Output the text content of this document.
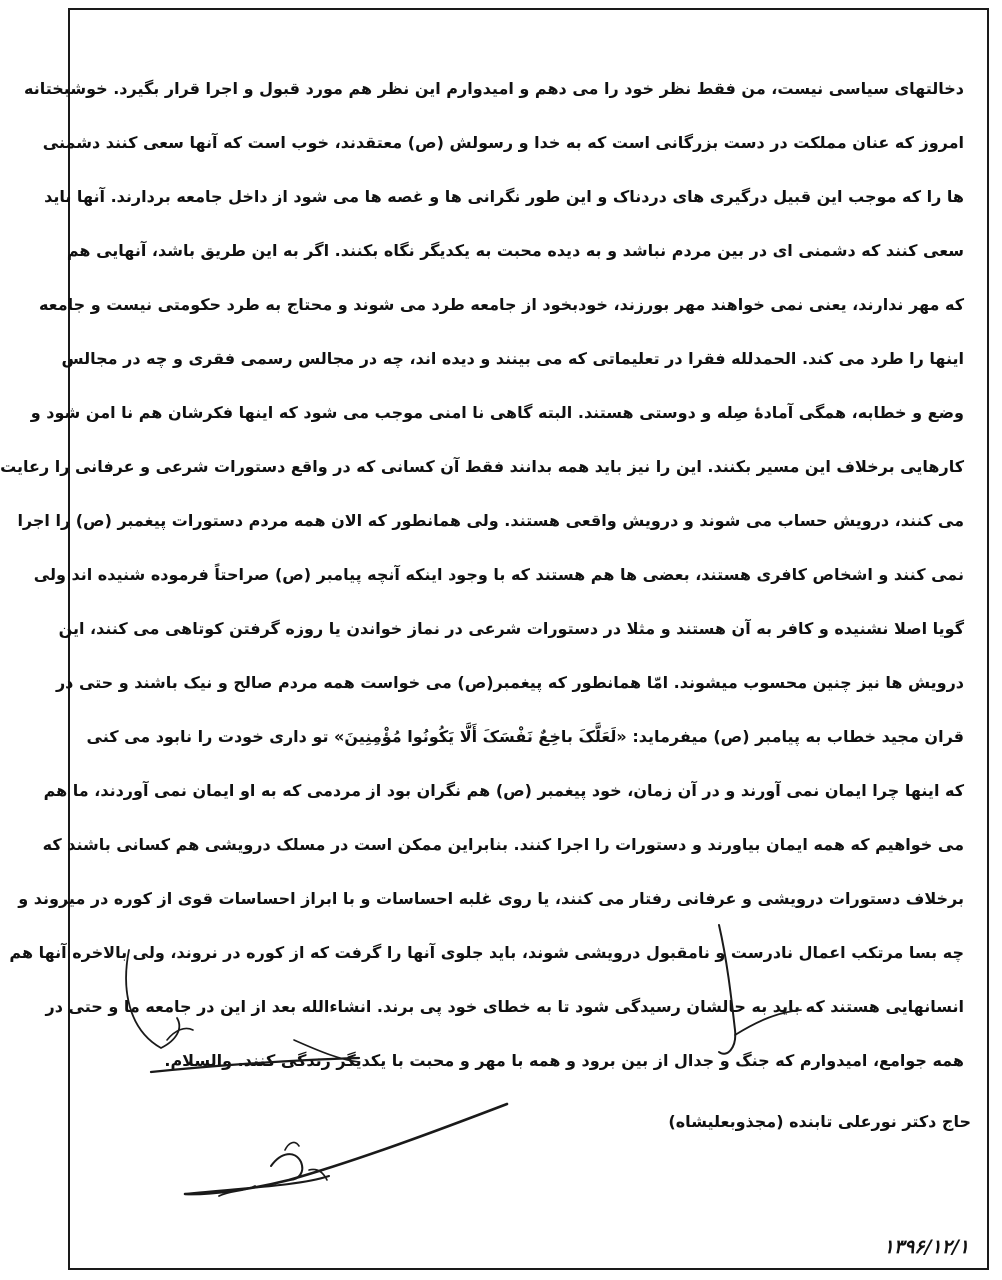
دخالتهای سیاسی نیست، من فقط نظر خود را می دهم و امیدوارم این نظر هم مورد قبول و اجرا قرار بگیرد. خوشبختانه
امروز که عنان مملکت در دست بزرگانی است که به خدا و رسولش (ص) معتقدند، خوب است که آنها سعی کنند دشمنی
ها را که موجب این قبیل درگیری های دردناک و این طور نگرانی ها و غصه ها می شود از داخل جامعه بردارند. آنها باید
سعی کنند که دشمنی ای در بین مردم نباشد و به دیده محبت به یکدیگر نگاه بکنند. اگر به این طریق باشد، آنهایی هم
که مهر ندارند، یعنی نمی خواهند مهر بورزند، خودبخود از جامعه طرد می شوند و محتاج به طرد حکومتی نیست و جامعه
اینها را طرد می کند. الحمدلله فقرا در تعلیماتی که می بینند و دیده اند، چه در مجالس رسمی فقری و چه در مجالس
وضع و خطابه، همگی آمادهٔ صِله و دوستی هستند. البته گاهی نا امنی موجب می شود که اینها فکرشان هم نا امن شود و
کارهایی برخلاف این مسیر بکنند. این را نیز باید همه بدانند فقط آن کسانی که در واقع دستورات شرعی و عرفانی را رعایت
می کنند، درویش حساب می شوند و درویش واقعی هستند. ولی همانطور که الان همه مردم دستورات پیغمبر (ص) را اجرا
نمی کنند و اشخاص کافری هستند، بعضی ها هم هستند که با وجود اینکه آنچه پیامبر (ص) صراحتاً فرموده شنیده اند ولی
گویا اصلا نشنیده و کافر به آن هستند و مثلا در دستورات شرعی در نماز خواندن یا روزه گرفتن کوتاهی می کنند، این
درویش ها نیز چنین محسوب میشوند. امّا همانطور که پیغمبر(ص) می خواست همه مردم صالح و نیک باشند و حتی در
قران مجید خطاب به پیامبر (ص) میفرماید: «لَعَلَّکَ باخِعٌ نَفْسَکَ أَلَّا یَکُونُوا مُؤْمِنِینَ» تو داری خودت را نابود می کنی
که اینها چرا ایمان نمی آورند و در آن زمان، خود پیغمبر (ص) هم نگران بود از مردمی که به او ایمان نمی آوردند، ما هم
می خواهیم که همه ایمان بیاورند و دستورات را اجرا کنند. بنابراین ممکن است در مسلک درویشی هم کسانی باشند که
برخلاف دستورات درویشی و عرفانی رفتار می کنند، یا روی غلبه احساسات و با ابراز احساسات قوی از کوره در میروند و
چه بسا مرتکب اعمال نادرست و نامقبول درویشی شوند، باید جلوی آنها را گرفت که از کوره در نروند، ولی بالاخره آنها هم
انسانهایی هستند که باید به حالشان رسیدگی شود تا به خطای خود پی برند. انشاءالله بعد از این در جامعه ما و حتی در
همه جوامع، امیدوارم که جنگ و جدال از بین برود و همه با مهر و محبت با یکدیگر زندگی کنند. والسلام.
حاج دکتر نورعلی تابنده (مجذوبعلیشاه)
۱۳۹۶/۱۲/۱
